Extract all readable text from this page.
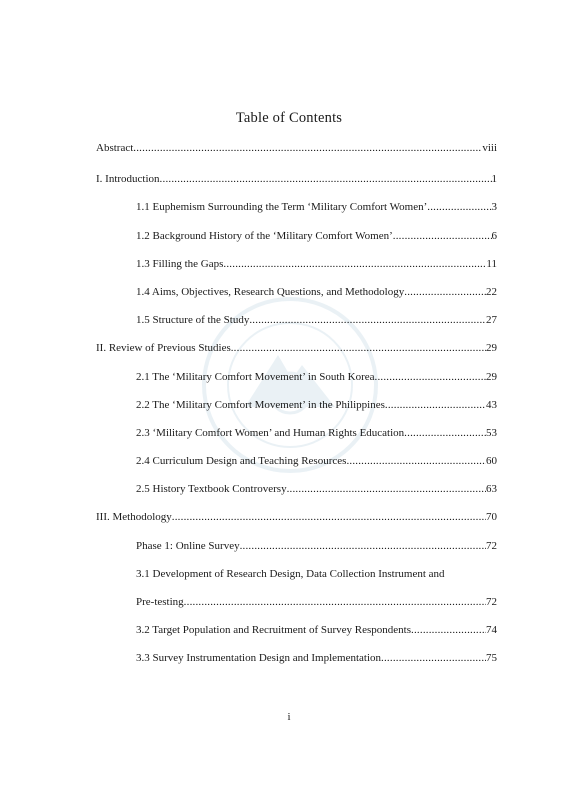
Table of Contents
Abstract .....	viii
I. Introduction .....	1
1.1 Euphemism Surrounding the Term ‘Military Comfort Women’ .....	3
1.2 Background History of the ‘Military Comfort Women’ .....	6
1.3 Filling the Gaps .....	11
1.4 Aims, Objectives, Research Questions, and Methodology .....	22
1.5 Structure of the Study .....	27
II. Review of Previous Studies .....	29
2.1 The ‘Military Comfort Movement’ in South Korea .....	29
2.2 The ‘Military Comfort Movement’ in the Philippines .....	43
2.3 ‘Military Comfort Women’ and Human Rights Education .....	53
2.4 Curriculum Design and Teaching Resources .....	60
2.5 History Textbook Controversy .....	63
III. Methodology .....	70
Phase 1: Online Survey .....	72
3.1 Development of Research Design, Data Collection Instrument and
Pre-testing .....	72
3.2 Target Population and Recruitment of Survey Respondents .....	74
3.3 Survey Instrumentation Design and Implementation .....	75
i
